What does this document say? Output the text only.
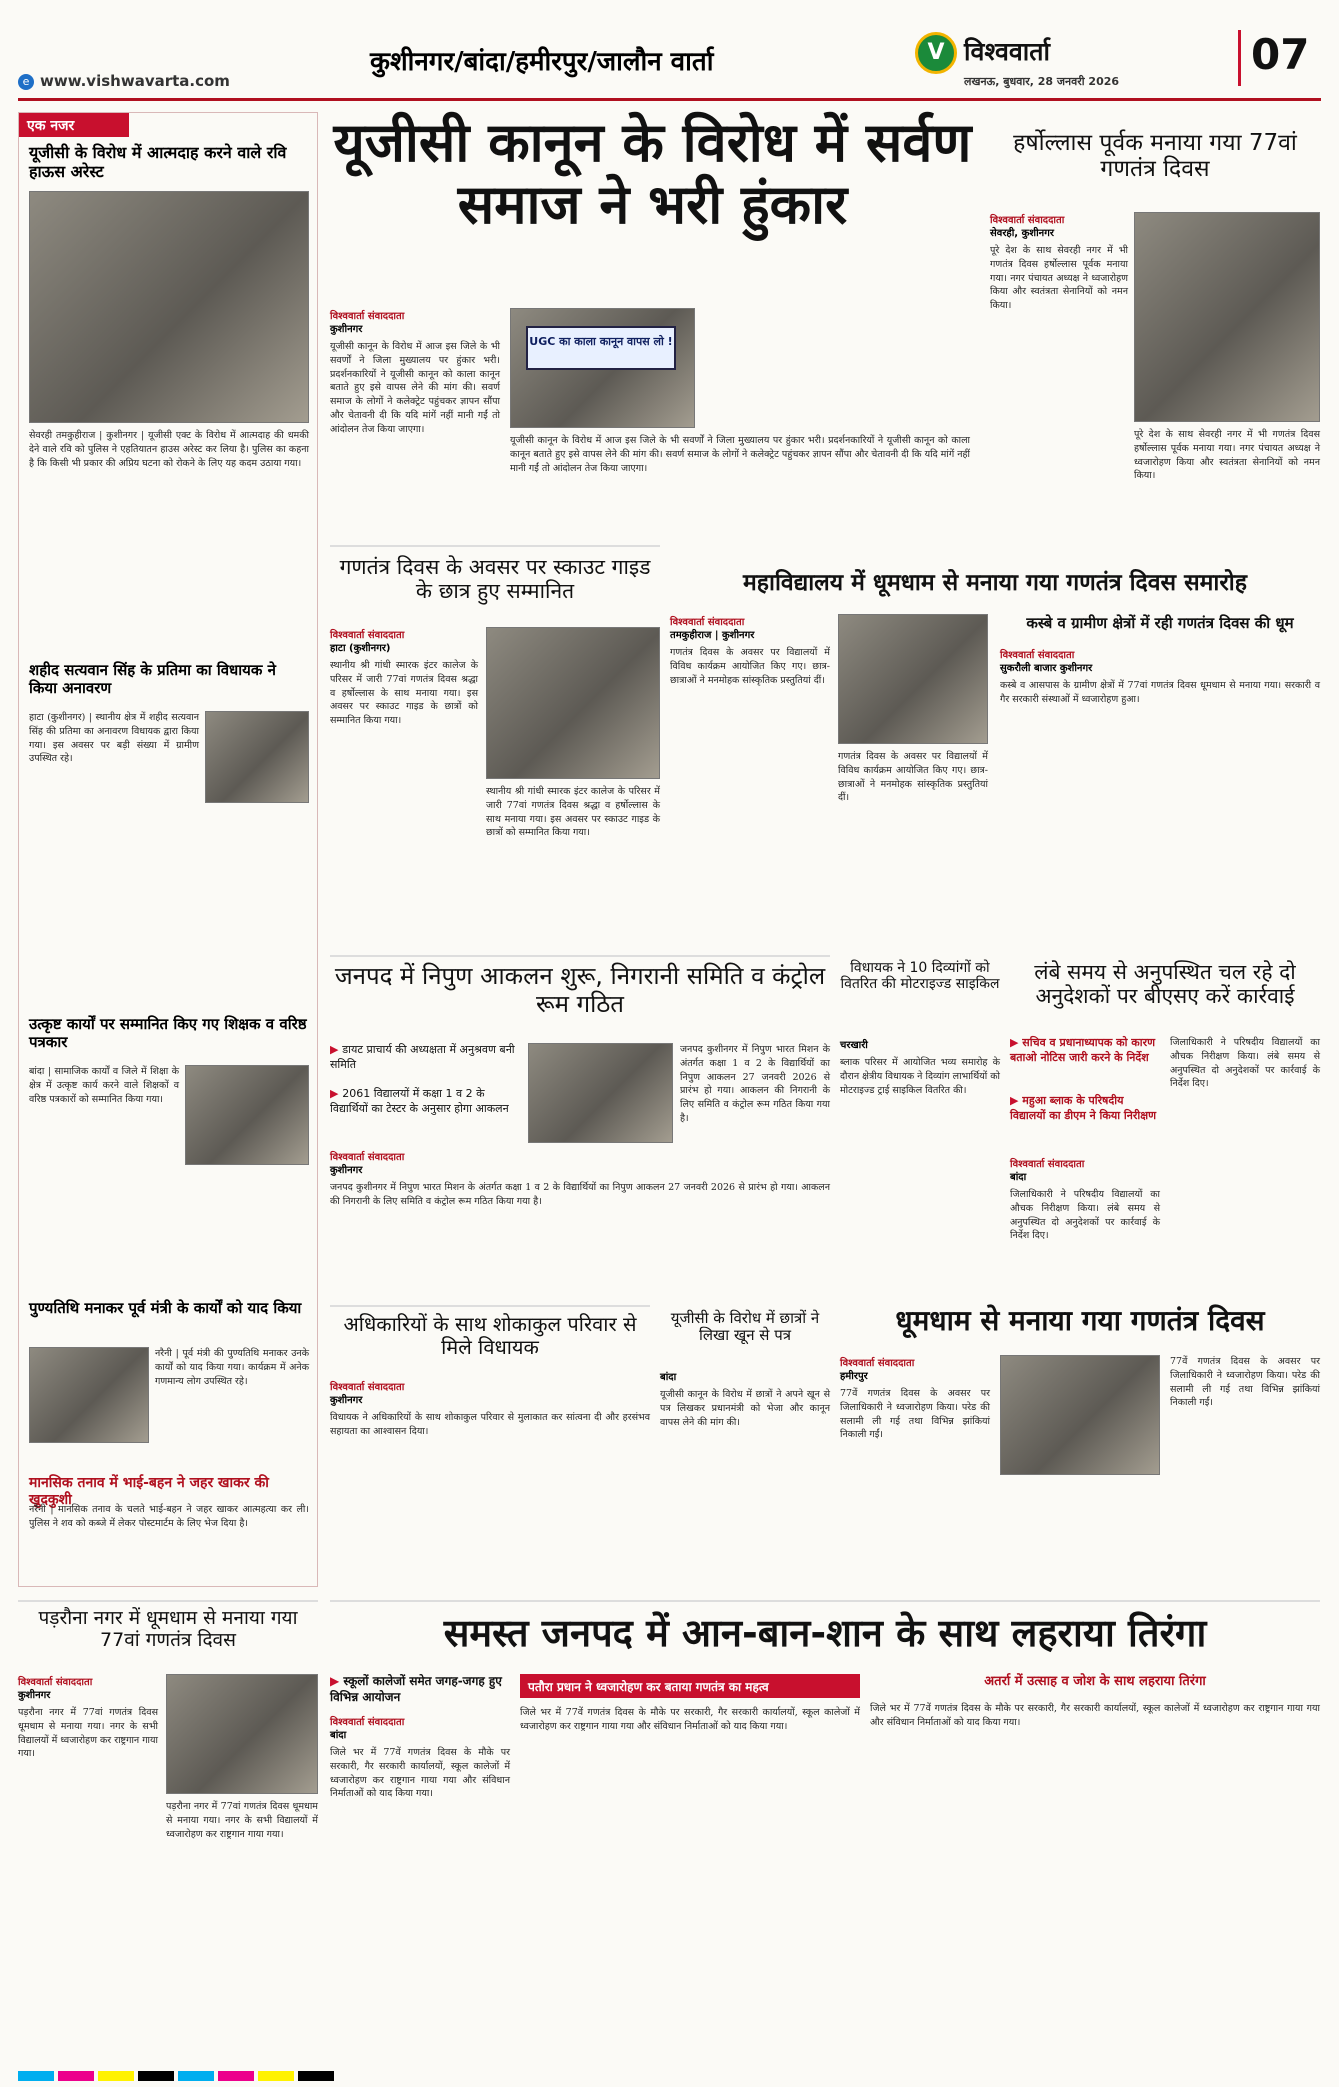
e www.vishwavarta.com
कुशीनगर/बांदा/हमीरपुर/जालौन वार्ता	V विश्ववार्ता
लखनऊ, बुधवार, 28 जनवरी 2026
07
एक नजर
यूजीसी के विरोध में आत्मदाह करने वाले रवि हाऊस अरेस्ट
सेवरही तमकुहीराज | कुशीनगर | यूजीसी एक्ट के विरोध में आत्मदाह की धमकी देने वाले रवि को पुलिस ने एहतियातन हाउस अरेस्ट कर लिया है। पुलिस का कहना है कि किसी भी प्रकार की अप्रिय घटना को रोकने के लिए यह कदम उठाया गया।
शहीद सत्यवान सिंह के प्रतिमा का विधायक ने किया अनावरण
हाटा (कुशीनगर) | स्थानीय क्षेत्र में शहीद सत्यवान सिंह की प्रतिमा का अनावरण विधायक द्वारा किया गया। इस अवसर पर बड़ी संख्या में ग्रामीण उपस्थित रहे।
उत्कृष्ट कार्यों पर सम्मानित किए गए शिक्षक व वरिष्ठ पत्रकार
बांदा | सामाजिक कार्यों व जिले में शिक्षा के क्षेत्र में उत्कृष्ट कार्य करने वाले शिक्षकों व वरिष्ठ पत्रकारों को सम्मानित किया गया।
पुण्यतिथि मनाकर पूर्व मंत्री के कार्यों को याद किया
नरैनी | पूर्व मंत्री की पुण्यतिथि मनाकर उनके कार्यों को याद किया गया। कार्यक्रम में अनेक गणमान्य लोग उपस्थित रहे।
मानसिक तनाव में भाई-बहन ने जहर खाकर की खुदकुशी
नरैनी | मानसिक तनाव के चलते भाई-बहन ने जहर खाकर आत्महत्या कर ली। पुलिस ने शव को कब्जे में लेकर पोस्टमार्टम के लिए भेज दिया है।
यूजीसी कानून के विरोध में सर्वण समाज ने भरी हुंकार
विश्ववार्ता संवाददाता
कुशीनगर
यूजीसी कानून के विरोध में आज इस जिले के भी सवर्णों ने जिला मुख्यालय पर हुंकार भरी। प्रदर्शनकारियों ने यूजीसी कानून को काला कानून बताते हुए इसे वापस लेने की मांग की। सवर्ण समाज के लोगों ने कलेक्ट्रेट पहुंचकर ज्ञापन सौंपा और चेतावनी दी कि यदि मांगें नहीं मानी गईं तो आंदोलन तेज किया जाएगा।
UGC का काला कानून वापस लो !
यूजीसी कानून के विरोध में आज इस जिले के भी सवर्णों ने जिला मुख्यालय पर हुंकार भरी। प्रदर्शनकारियों ने यूजीसी कानून को काला कानून बताते हुए इसे वापस लेने की मांग की। सवर्ण समाज के लोगों ने कलेक्ट्रेट पहुंचकर ज्ञापन सौंपा और चेतावनी दी कि यदि मांगें नहीं मानी गईं तो आंदोलन तेज किया जाएगा।
हर्षोल्लास पूर्वक मनाया गया 77वां गणतंत्र दिवस
विश्ववार्ता संवाददाता
सेवरही, कुशीनगर
पूरे देश के साथ सेवरही नगर में भी गणतंत्र दिवस हर्षोल्लास पूर्वक मनाया गया। नगर पंचायत अध्यक्ष ने ध्वजारोहण किया और स्वतंत्रता सेनानियों को नमन किया।
पूरे देश के साथ सेवरही नगर में भी गणतंत्र दिवस हर्षोल्लास पूर्वक मनाया गया। नगर पंचायत अध्यक्ष ने ध्वजारोहण किया और स्वतंत्रता सेनानियों को नमन किया।
गणतंत्र दिवस के अवसर पर स्काउट गाइड के छात्र हुए सम्मानित
विश्ववार्ता संवाददाता
हाटा (कुशीनगर)
स्थानीय श्री गांधी स्मारक इंटर कालेज के परिसर में जारी 77वां गणतंत्र दिवस श्रद्धा व हर्षोल्लास के साथ मनाया गया। इस अवसर पर स्काउट गाइड के छात्रों को सम्मानित किया गया।
स्थानीय श्री गांधी स्मारक इंटर कालेज के परिसर में जारी 77वां गणतंत्र दिवस श्रद्धा व हर्षोल्लास के साथ मनाया गया। इस अवसर पर स्काउट गाइड के छात्रों को सम्मानित किया गया।
महाविद्यालय में धूमधाम से मनाया गया गणतंत्र दिवस समारोह
विश्ववार्ता संवाददाता
तमकुहीराज | कुशीनगर
गणतंत्र दिवस के अवसर पर विद्यालयों में विविध कार्यक्रम आयोजित किए गए। छात्र-छात्राओं ने मनमोहक सांस्कृतिक प्रस्तुतियां दीं।
गणतंत्र दिवस के अवसर पर विद्यालयों में विविध कार्यक्रम आयोजित किए गए। छात्र-छात्राओं ने मनमोहक सांस्कृतिक प्रस्तुतियां दीं।
कस्बे व ग्रामीण क्षेत्रों में रही गणतंत्र दिवस की धूम
विश्ववार्ता संवाददाता
सुकरौली बाजार कुशीनगर
कस्बे व आसपास के ग्रामीण क्षेत्रों में 77वां गणतंत्र दिवस धूमधाम से मनाया गया। सरकारी व गैर सरकारी संस्थाओं में ध्वजारोहण हुआ।
जनपद में निपुण आकलन शुरू, निगरानी समिति व कंट्रोल रूम गठित
▶ डायट प्राचार्य की अध्यक्षता में अनुश्रवण बनी समिति
▶ 2061 विद्यालयों में कक्षा 1 व 2 के विद्यार्थियों का टेस्टर के अनुसार होगा आकलन
विश्ववार्ता संवाददाता
कुशीनगर
जनपद कुशीनगर में निपुण भारत मिशन के अंतर्गत कक्षा 1 व 2 के विद्यार्थियों का निपुण आकलन 27 जनवरी 2026 से प्रारंभ हो गया। आकलन की निगरानी के लिए समिति व कंट्रोल रूम गठित किया गया है।
जनपद कुशीनगर में निपुण भारत मिशन के अंतर्गत कक्षा 1 व 2 के विद्यार्थियों का निपुण आकलन 27 जनवरी 2026 से प्रारंभ हो गया। आकलन की निगरानी के लिए समिति व कंट्रोल रूम गठित किया गया है।
विधायक ने 10 दिव्यांगों को वितरित की मोटराइज्ड साइकिल
चरखारी
ब्लाक परिसर में आयोजित भव्य समारोह के दौरान क्षेत्रीय विधायक ने दिव्यांग लाभार्थियों को मोटराइज्ड ट्राई साइकिल वितरित की।
लंबे समय से अनुपस्थित चल रहे दो अनुदेशकों पर बीएसए करें कार्रवाई
▶ सचिव व प्रधानाध्यापक को कारण बताओ नोटिस जारी करने के निर्देश
▶ महुआ ब्लाक के परिषदीय विद्यालयों का डीएम ने किया निरीक्षण
विश्ववार्ता संवाददाता
बांदा
जिलाधिकारी ने परिषदीय विद्यालयों का औचक निरीक्षण किया। लंबे समय से अनुपस्थित दो अनुदेशकों पर कार्रवाई के निर्देश दिए।
जिलाधिकारी ने परिषदीय विद्यालयों का औचक निरीक्षण किया। लंबे समय से अनुपस्थित दो अनुदेशकों पर कार्रवाई के निर्देश दिए।
अधिकारियों के साथ शोकाकुल परिवार से मिले विधायक
विश्ववार्ता संवाददाता
कुशीनगर
विधायक ने अधिकारियों के साथ शोकाकुल परिवार से मुलाकात कर सांत्वना दी और हरसंभव सहायता का आश्वासन दिया।
यूजीसी के विरोध में छात्रों ने लिखा खून से पत्र
बांदा
यूजीसी कानून के विरोध में छात्रों ने अपने खून से पत्र लिखकर प्रधानमंत्री को भेजा और कानून वापस लेने की मांग की।
धूमधाम से मनाया गया गणतंत्र दिवस
विश्ववार्ता संवाददाता
हमीरपुर
77वें गणतंत्र दिवस के अवसर पर जिलाधिकारी ने ध्वजारोहण किया। परेड की सलामी ली गई तथा विभिन्न झांकियां निकाली गईं।
77वें गणतंत्र दिवस के अवसर पर जिलाधिकारी ने ध्वजारोहण किया। परेड की सलामी ली गई तथा विभिन्न झांकियां निकाली गईं।
पड़रौना नगर में धूमधाम से मनाया गया 77वां गणतंत्र दिवस
विश्ववार्ता संवाददाता
कुशीनगर
पड़रौना नगर में 77वां गणतंत्र दिवस धूमधाम से मनाया गया। नगर के सभी विद्यालयों में ध्वजारोहण कर राष्ट्रगान गाया गया।
पड़रौना नगर में 77वां गणतंत्र दिवस धूमधाम से मनाया गया। नगर के सभी विद्यालयों में ध्वजारोहण कर राष्ट्रगान गाया गया।
समस्त जनपद में आन-बान-शान के साथ लहराया तिरंगा
▶ स्कूलों कालेजों समेत जगह-जगह हुए विभिन्न आयोजन
विश्ववार्ता संवाददाता
बांदा
जिले भर में 77वें गणतंत्र दिवस के मौके पर सरकारी, गैर सरकारी कार्यालयों, स्कूल कालेजों में ध्वजारोहण कर राष्ट्रगान गाया गया और संविधान निर्माताओं को याद किया गया।
पतौरा प्रधान ने ध्वजारोहण कर बताया गणतंत्र का महत्व
जिले भर में 77वें गणतंत्र दिवस के मौके पर सरकारी, गैर सरकारी कार्यालयों, स्कूल कालेजों में ध्वजारोहण कर राष्ट्रगान गाया गया और संविधान निर्माताओं को याद किया गया।
अतर्रा में उत्साह व जोश के साथ लहराया तिरंगा
जिले भर में 77वें गणतंत्र दिवस के मौके पर सरकारी, गैर सरकारी कार्यालयों, स्कूल कालेजों में ध्वजारोहण कर राष्ट्रगान गाया गया और संविधान निर्माताओं को याद किया गया।
